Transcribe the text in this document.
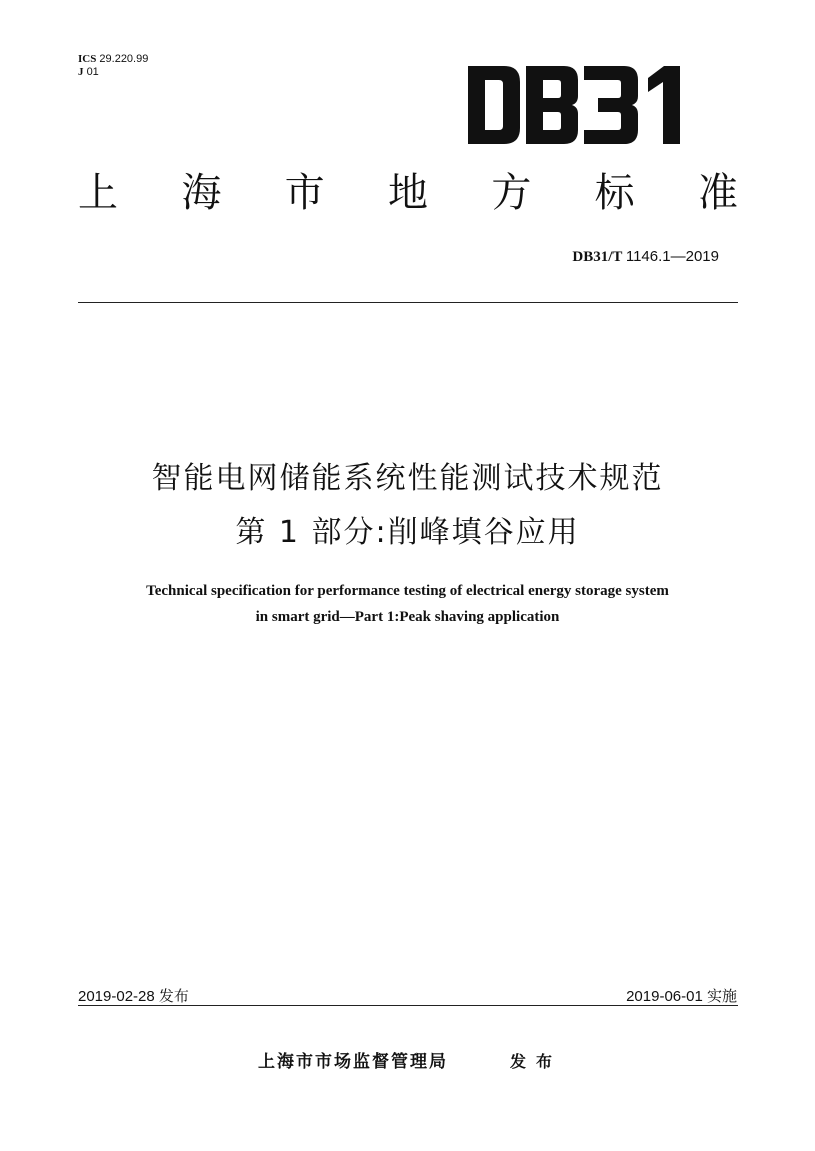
ICS 29.220.99
J 01
上 海 市 地 方 标 准
DB31/T 1146.1—2019
智能电网储能系统性能测试技术规范
第 1 部分:削峰填谷应用
Technical specification for performance testing of electrical energy storage system
in smart grid—Part 1:Peak shaving application
2019-02-28 发布	2019-06-01 实施
上海市市场监督管理局	发布
